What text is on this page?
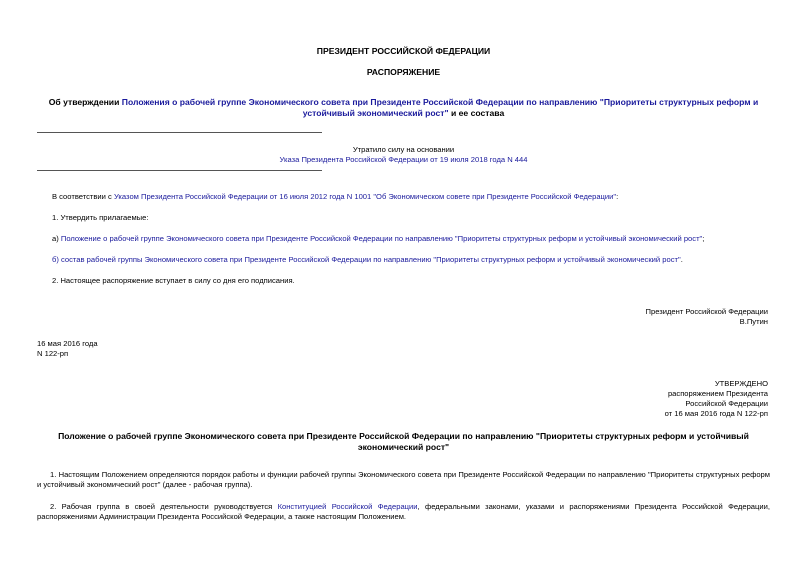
ПРЕЗИДЕНТ РОССИЙСКОЙ ФЕДЕРАЦИИ
РАСПОРЯЖЕНИЕ
Об утверждении Положения о рабочей группе Экономического совета при Президенте Российской Федерации по направлению "Приоритеты структурных реформ и устойчивый экономический рост" и ее состава
Утратило силу на основании
Указа Президента Российской Федерации от 19 июля 2018 года N 444
В соответствии с Указом Президента Российской Федерации от 16 июля 2012 года N 1001 "Об Экономическом совете при Президенте Российской Федерации":
1. Утвердить прилагаемые:
а) Положение о рабочей группе Экономического совета при Президенте Российской Федерации по направлению "Приоритеты структурных реформ и устойчивый экономический рост";
б) состав рабочей группы Экономического совета при Президенте Российской Федерации по направлению "Приоритеты структурных реформ и устойчивый экономический рост".
2. Настоящее распоряжение вступает в силу со дня его подписания.
Президент Российской Федерации
В.Путин
16 мая 2016 года
N 122-рп
УТВЕРЖДЕНО
распоряжением Президента
Российской Федерации
от 16 мая 2016 года N 122-рп
Положение о рабочей группе Экономического совета при Президенте Российской Федерации по направлению "Приоритеты структурных реформ и устойчивый экономический рост"
1. Настоящим Положением определяются порядок работы и функции рабочей группы Экономического совета при Президенте Российской Федерации по направлению "Приоритеты структурных реформ и устойчивый экономический рост" (далее - рабочая группа).
2. Рабочая группа в своей деятельности руководствуется Конституцией Российской Федерации, федеральными законами, указами и распоряжениями Президента Российской Федерации, распоряжениями Администрации Президента Российской Федерации, а также настоящим Положением.
